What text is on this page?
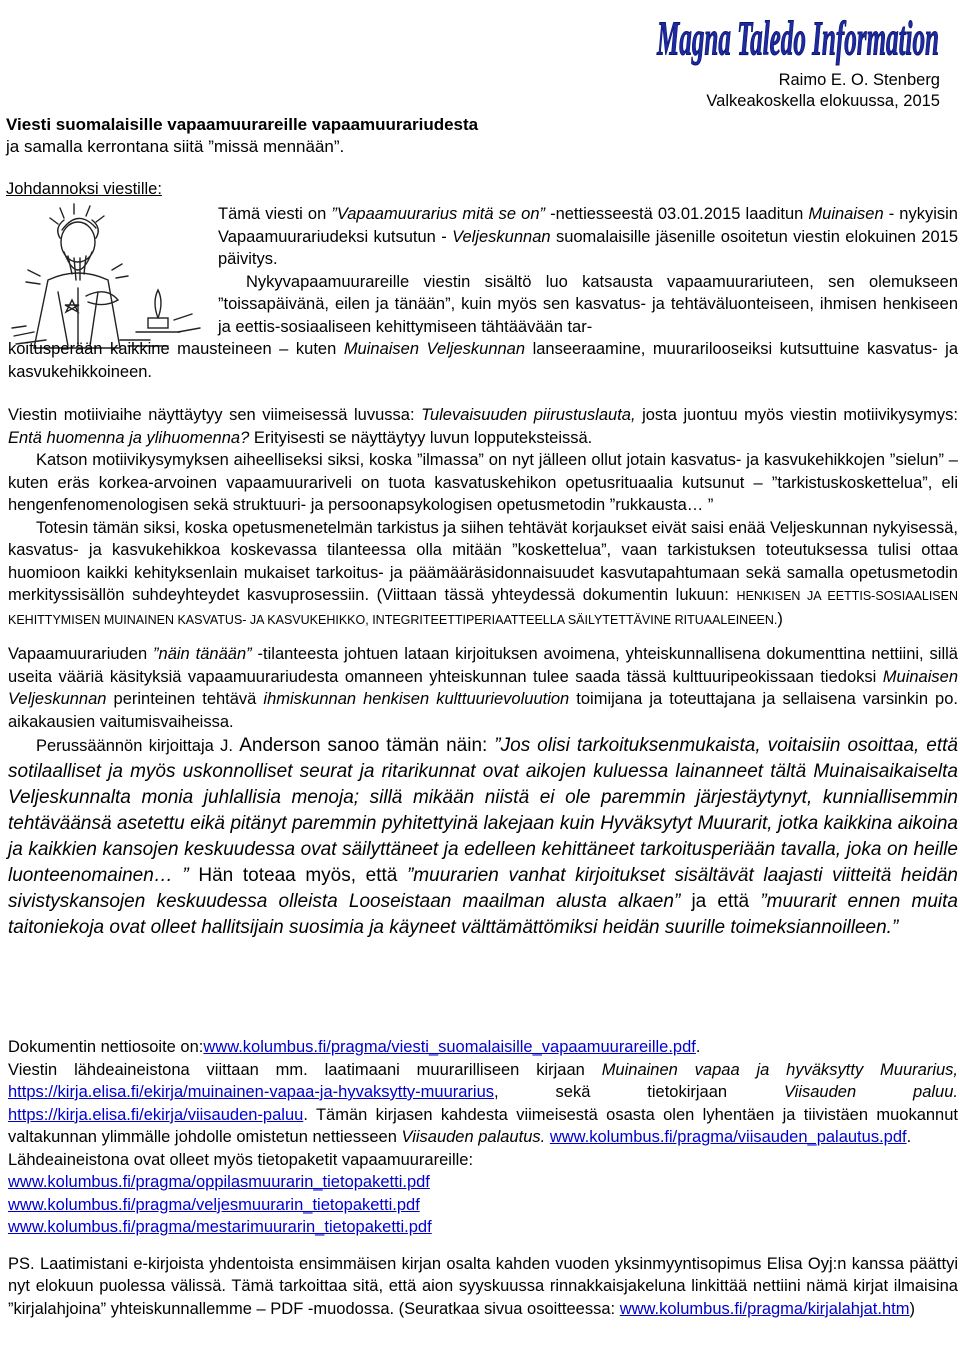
Magna Taledo Information
Raimo E. O. Stenberg
Valkeakoskella elokuussa, 2015
Viesti suomalaisille vapaamuurareille vapaamuurariudesta
ja samalla kerrontana siitä ”missä mennään”.
Johdannoksi viestille:

Tämä viesti on ”Vapaamuurarius mitä se on” -nettiesseestä 03.01.2015 laaditun Muinaisen - nykyisin Vapaamuurariudeksi kutsutun - Veljeskunnan suomalaisille jäsenille osoitetun viestin elokuinen 2015 päivitys.

Nykyvapaamuurareille viestin sisältö luo katsausta vapaamuurariuteen, sen olemukseen ”toissapäivänä, eilen ja tänään”, kuin myös sen kasvatus- ja tehtäväluonteiseen, ihmisen henkiseen ja eettis-sosiaaliseen kehittymiseen tähtäävään tar-

koitusperään kaikkine mausteineen – kuten Muinaisen Veljeskunnan lanseeraamine, muurarilooseiksi kutsuttuine kasvatus- ja kasvukehikkoineen.

Viestin motiiviaihe näyttäytyy sen viimeisessä luvussa: Tulevaisuuden piirustuslauta, josta juontuu myös viestin motiivikysymys: Entä huomenna ja ylihuomenna? Erityisesti se näyttäytyy luvun lopputeksteissä.

Katson motiivikysymyksen aiheelliseksi siksi, koska ”ilmassa” on nyt jälleen ollut jotain kasvatus- ja kasvukehikkojen ”sielun” – kuten eräs korkea-arvoinen vapaamuurariveli on tuota kasvatuskehikon opetusrituaalia kutsunut – ”tarkistuskoskettelua”, eli hengenfenomenologisen sekä struktuuri- ja persoonapsykologisen opetusmetodin ”rukkausta… ”

Totesin tämän siksi, koska opetusmenetelmän tarkistus ja siihen tehtävät korjaukset eivät saisi enää Veljeskunnan nykyisessä, kasvatus- ja kasvukehikkoa koskevassa tilanteessa olla mitään ”koskettelua”, vaan tarkistuksen toteutuksessa tulisi ottaa huomioon kaikki kehityksenlain mukaiset tarkoitus- ja päämääräsidonnaisuudet kasvutapahtumaan sekä samalla opetusmetodin merkityssisällön suhdeyhteydet kasvuprosessiin. (Viittaan tässä yhteydessä dokumentin lukuun: HENKISEN JA EETTIS-SOSIAALISEN KEHITTYMISEN MUINAINEN KASVATUS- JA KASVUKEHIKKO, INTEGRITEETTIPERIAATTEELLA SÄILYTETTÄVINE RITUAALEINEEN.)

Vapaamuurariuden ”näin tänään” -tilanteesta johtuen lataan kirjoituksen avoimena, yhteiskunnallisena dokumenttina nettiini, sillä useita vääriä käsityksiä vapaamuurariudesta omanneen yhteiskunnan tulee saada tässä kulttuuripeokissaan tiedoksi Muinaisen Veljeskunnan perinteinen tehtävä ihmiskunnan henkisen kulttuurievoluution toimijana ja toteuttajana ja sellaisena varsinkin po. aikakausien vaitumisvaiheissa.

Perussäännön kirjoittaja J. Anderson sanoo tämän näin: ”Jos olisi tarkoituksenmukaista, voitaisiin osoittaa, että sotilaalliset ja myös uskonnolliset seurat ja ritarikunnat ovat aikojen kuluessa lainanneet tältä Muinaisaikaiselta Veljeskunnalta monia juhlallisia menoja; sillä mikään niistä ei ole paremmin järjestäytynyt, kunniallisemmin tehtäväänsä asetettu eikä pitänyt paremmin pyhitettyinä lakejaan kuin Hyväksytyt Muurarit, jotka kaikkina aikoina ja kaikkien kansojen keskuudessa ovat säilyttäneet ja edelleen kehittäneet tarkoitusperiään tavalla, joka on heille luonteenomainen… ” Hän toteaa myös, että ”muurarien vanhat kirjoitukset sisältävät laajasti viitteitä heidän sivistyskansojen keskuudessa olleista Looseistaan maailman alusta alkaen” ja että ”muurarit ennen muita taitoniekoja ovat olleet hallitsijain suosimia ja käyneet välttämättömiksi heidän suurille toimeksiannoilleen.”

Dokumentin nettiosoite on:www.kolumbus.fi/pragma/viesti_suomalaisille_vapaamuurareille.pdf.

Viestin lähdeaineistona viittaan mm. laatimaani muurarilliseen kirjaan Muinainen vapaa ja hyväksytty Muurarius, https://kirja.elisa.fi/ekirja/muinainen-vapaa-ja-hyvaksytty-muurarius, sekä tietokirjaan Viisauden paluu. https://kirja.elisa.fi/ekirja/viisauden-paluu. Tämän kirjasen kahdesta viimeisestä osasta olen lyhentäen ja tiivistäen muokannut valtakunnan ylimmälle johdolle omistetun nettiesseen Viisauden palautus. www.kolumbus.fi/pragma/viisauden_palautus.pdf.

Lähdeaineistona ovat olleet myös tietopaketit vapaamuurareille:

www.kolumbus.fi/pragma/oppilasmuurarin_tietopaketti.pdf

www.kolumbus.fi/pragma/veljesmuurarin_tietopaketti.pdf

www.kolumbus.fi/pragma/mestarimuurarin_tietopaketti.pdf

PS. Laatimistani e-kirjoista yhdentoista ensimmäisen kirjan osalta kahden vuoden yksinmyyntisopimus Elisa Oyj:n kanssa päättyi nyt elokuun puolessa välissä. Tämä tarkoittaa sitä, että aion syyskuussa rinnakkaisjakeluna linkittää nettiini nämä kirjat ilmaisina ”kirjalahjoina” yhteiskunnallemme – PDF -muodossa. (Seuratkaa sivua osoitteessa: www.kolumbus.fi/pragma/kirjalahjat.htm)
